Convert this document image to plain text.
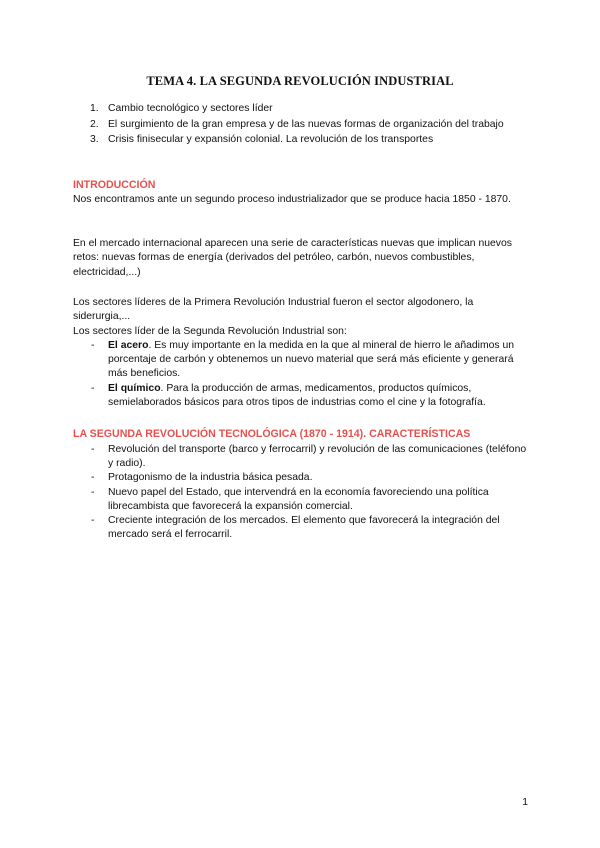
TEMA 4. LA SEGUNDA REVOLUCIÓN INDUSTRIAL
1. Cambio tecnológico y sectores líder
2. El surgimiento de la gran empresa y de las nuevas formas de organización del trabajo
3. Crisis finisecular y expansión colonial. La revolución de los transportes
INTRODUCCIÓN

Nos encontramos ante un segundo proceso industrializador que se produce hacia 1850 - 1870.

En el mercado internacional aparecen una serie de características nuevas que implican nuevos retos: nuevas formas de energía (derivados del petróleo, carbón, nuevos combustibles, electricidad,...)

Los sectores líderes de la Primera Revolución Industrial fueron el sector algodonero, la siderurgia,...

Los sectores líder de la Segunda Revolución Industrial son:

- El acero. Es muy importante en la medida en la que al mineral de hierro le añadimos un porcentaje de carbón y obtenemos un nuevo material que será más eficiente y generará más beneficios.
- El químico. Para la producción de armas, medicamentos, productos químicos, semielaborados básicos para otros tipos de industrias como el cine y la fotografía.
LA SEGUNDA REVOLUCIÓN TECNOLÓGICA (1870 - 1914). CARACTERÍSTICAS
- Revolución del transporte (barco y ferrocarril) y revolución de las comunicaciones (teléfono y radio).
- Protagonismo de la industria básica pesada.
- Nuevo papel del Estado, que intervendrá en la economía favoreciendo una política librecambista que favorecerá la expansión comercial.
- Creciente integración de los mercados. El elemento que favorecerá la integración del mercado será el ferrocarril.
1
